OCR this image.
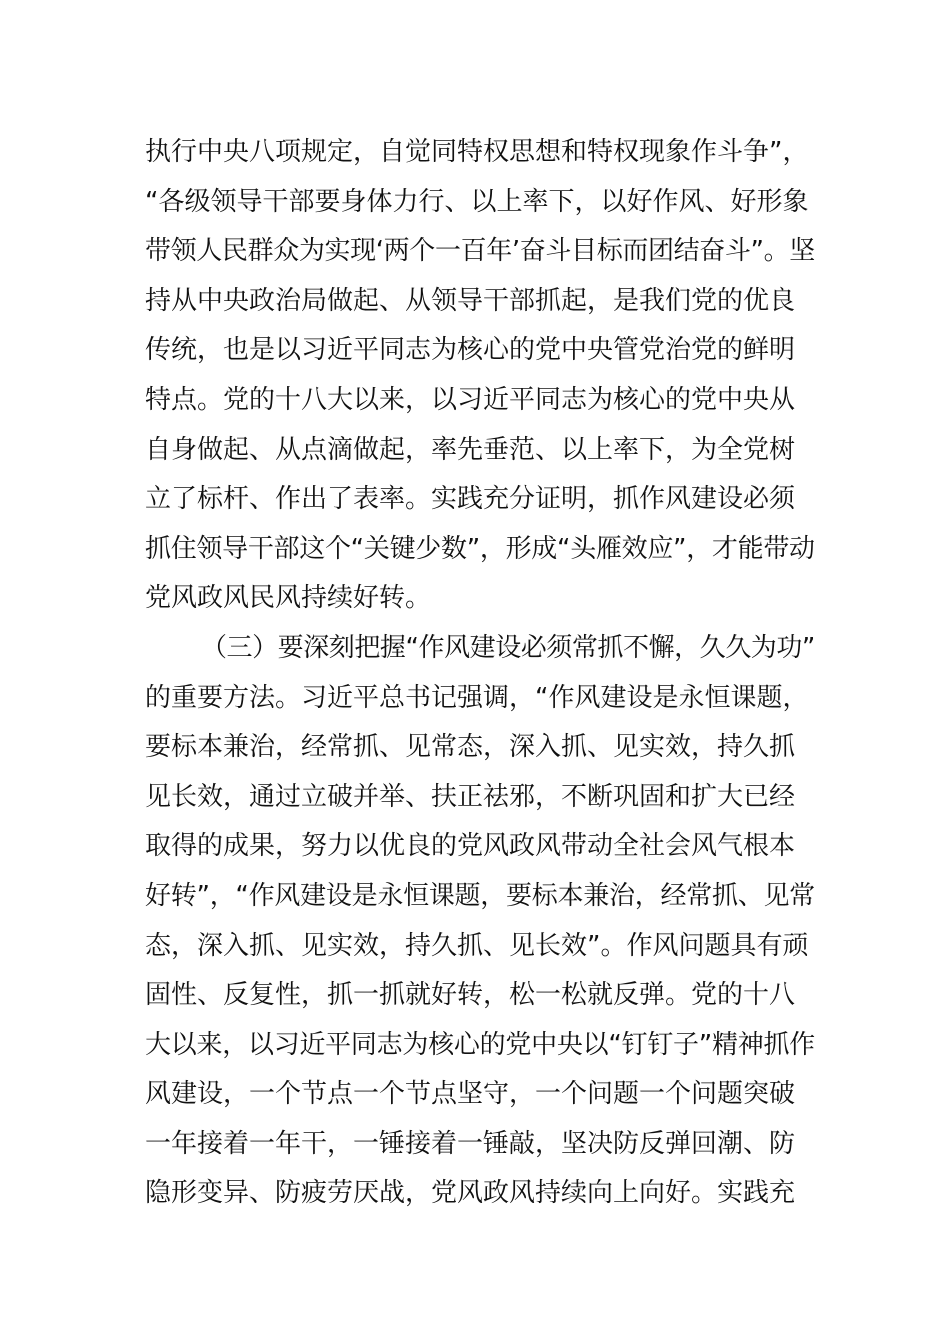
执行中央八项规定，自觉同特权思想和特权现象作斗争”，
“各级领导干部要身体力行、以上率下，以好作风、好形象
带领人民群众为实现‘两个一百年’奋斗目标而团结奋斗”。坚
持从中央政治局做起、从领导干部抓起，是我们党的优良
传统，也是以习近平同志为核心的党中央管党治党的鲜明
特点。党的十八大以来，以习近平同志为核心的党中央从
自身做起、从点滴做起，率先垂范、以上率下，为全党树
立了标杆、作出了表率。实践充分证明，抓作风建设必须
抓住领导干部这个“关键少数”，形成“头雁效应”，才能带动
党风政风民风持续好转。
（三）要深刻把握“作风建设必须常抓不懈，久久为功”
的重要方法。习近平总书记强调，“作风建设是永恒课题，
要标本兼治，经常抓、见常态，深入抓、见实效，持久抓
见长效，通过立破并举、扶正祛邪，不断巩固和扩大已经
取得的成果，努力以优良的党风政风带动全社会风气根本
好转”，“作风建设是永恒课题，要标本兼治，经常抓、见常
态，深入抓、见实效，持久抓、见长效”。作风问题具有顽
固性、反复性，抓一抓就好转，松一松就反弹。党的十八
大以来，以习近平同志为核心的党中央以“钉钉子”精神抓作
风建设，一个节点一个节点坚守，一个问题一个问题突破
一年接着一年干，一锤接着一锤敲，坚决防反弹回潮、防
隐形变异、防疲劳厌战，党风政风持续向上向好。实践充
